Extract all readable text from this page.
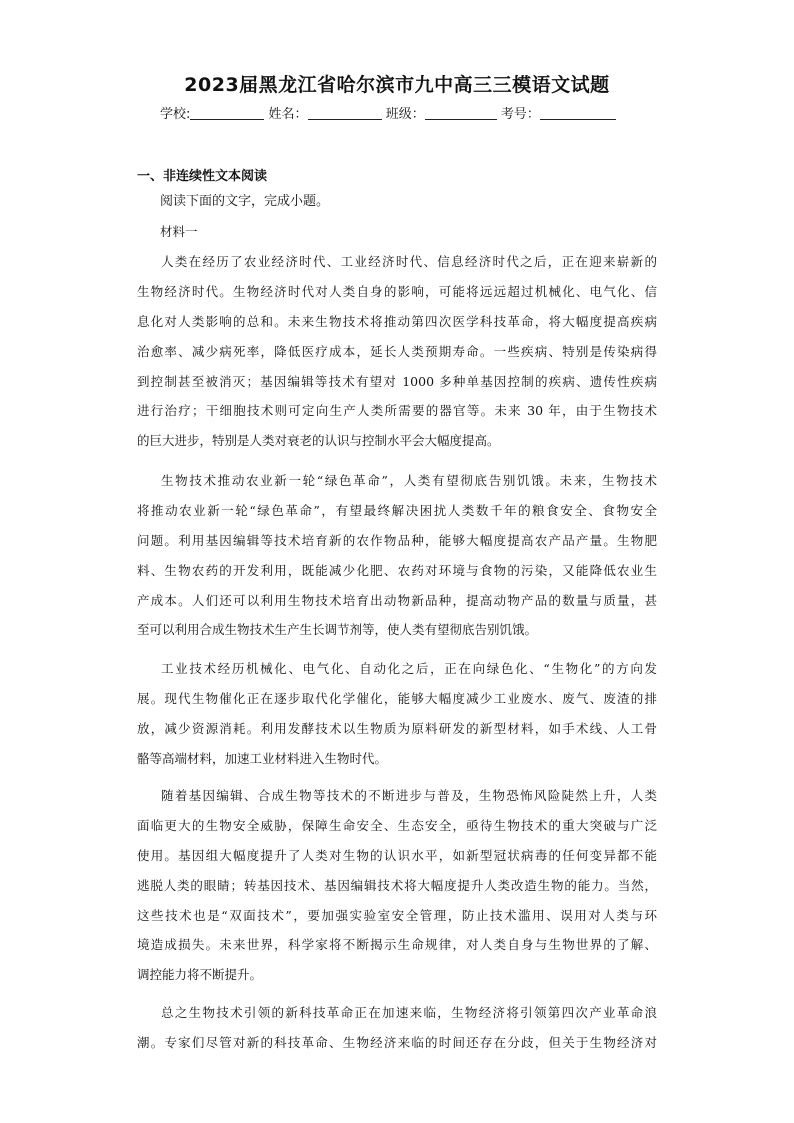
2023届黑龙江省哈尔滨市九中高三三模语文试题
学校:	姓名：	班级：	考号：
一、非连续性文本阅读
阅读下面的文字，完成小题。
材料一
人类在经历了农业经济时代、工业经济时代、信息经济时代之后，正在迎来崭新的
生物经济时代。生物经济时代对人类自身的影响，可能将远远超过机械化、电气化、信
息化对人类影响的总和。未来生物技术将推动第四次医学科技革命，将大幅度提高疾病
治愈率、减少病死率，降低医疗成本，延长人类预期寿命。一些疾病、特别是传染病得
到控制甚至被消灭；基因编辑等技术有望对 1000 多种单基因控制的疾病、遗传性疾病
进行治疗；干细胞技术则可定向生产人类所需要的器官等。未来 30 年，由于生物技术
的巨大进步，特别是人类对衰老的认识与控制水平会大幅度提高。
生物技术推动农业新一轮“绿色革命”，人类有望彻底告别饥饿。未来，生物技术
将推动农业新一轮“绿色革命”，有望最终解决困扰人类数千年的粮食安全、食物安全
问题。利用基因编辑等技术培育新的农作物品种，能够大幅度提高农产品产量。生物肥
料、生物农药的开发利用，既能减少化肥、农药对环境与食物的污染，又能降低农业生
产成本。人们还可以利用生物技术培育出动物新品种，提高动物产品的数量与质量，甚
至可以利用合成生物技术生产生长调节剂等，使人类有望彻底告别饥饿。
工业技术经历机械化、电气化、自动化之后，正在向绿色化、“生物化”的方向发
展。现代生物催化正在逐步取代化学催化，能够大幅度减少工业废水、废气、废渣的排
放，减少资源消耗。利用发酵技术以生物质为原料研发的新型材料，如手术线、人工骨
骼等高端材料，加速工业材料进入生物时代。
随着基因编辑、合成生物等技术的不断进步与普及，生物恐怖风险陡然上升，人类
面临更大的生物安全威胁，保障生命安全、生态安全，亟待生物技术的重大突破与广泛
使用。基因组大幅度提升了人类对生物的认识水平，如新型冠状病毒的任何变异都不能
逃脱人类的眼睛；转基因技术、基因编辑技术将大幅度提升人类改造生物的能力。当然，
这些技术也是“双面技术”，要加强实验室安全管理，防止技术滥用、误用对人类与环
境造成损失。未来世界，科学家将不断揭示生命规律，对人类自身与生物世界的了解、
调控能力将不断提升。
总之生物技术引领的新科技革命正在加速来临，生物经济将引领第四次产业革命浪
潮。专家们尽管对新的科技革命、生物经济来临的时间还存在分歧，但关于生物经济对
